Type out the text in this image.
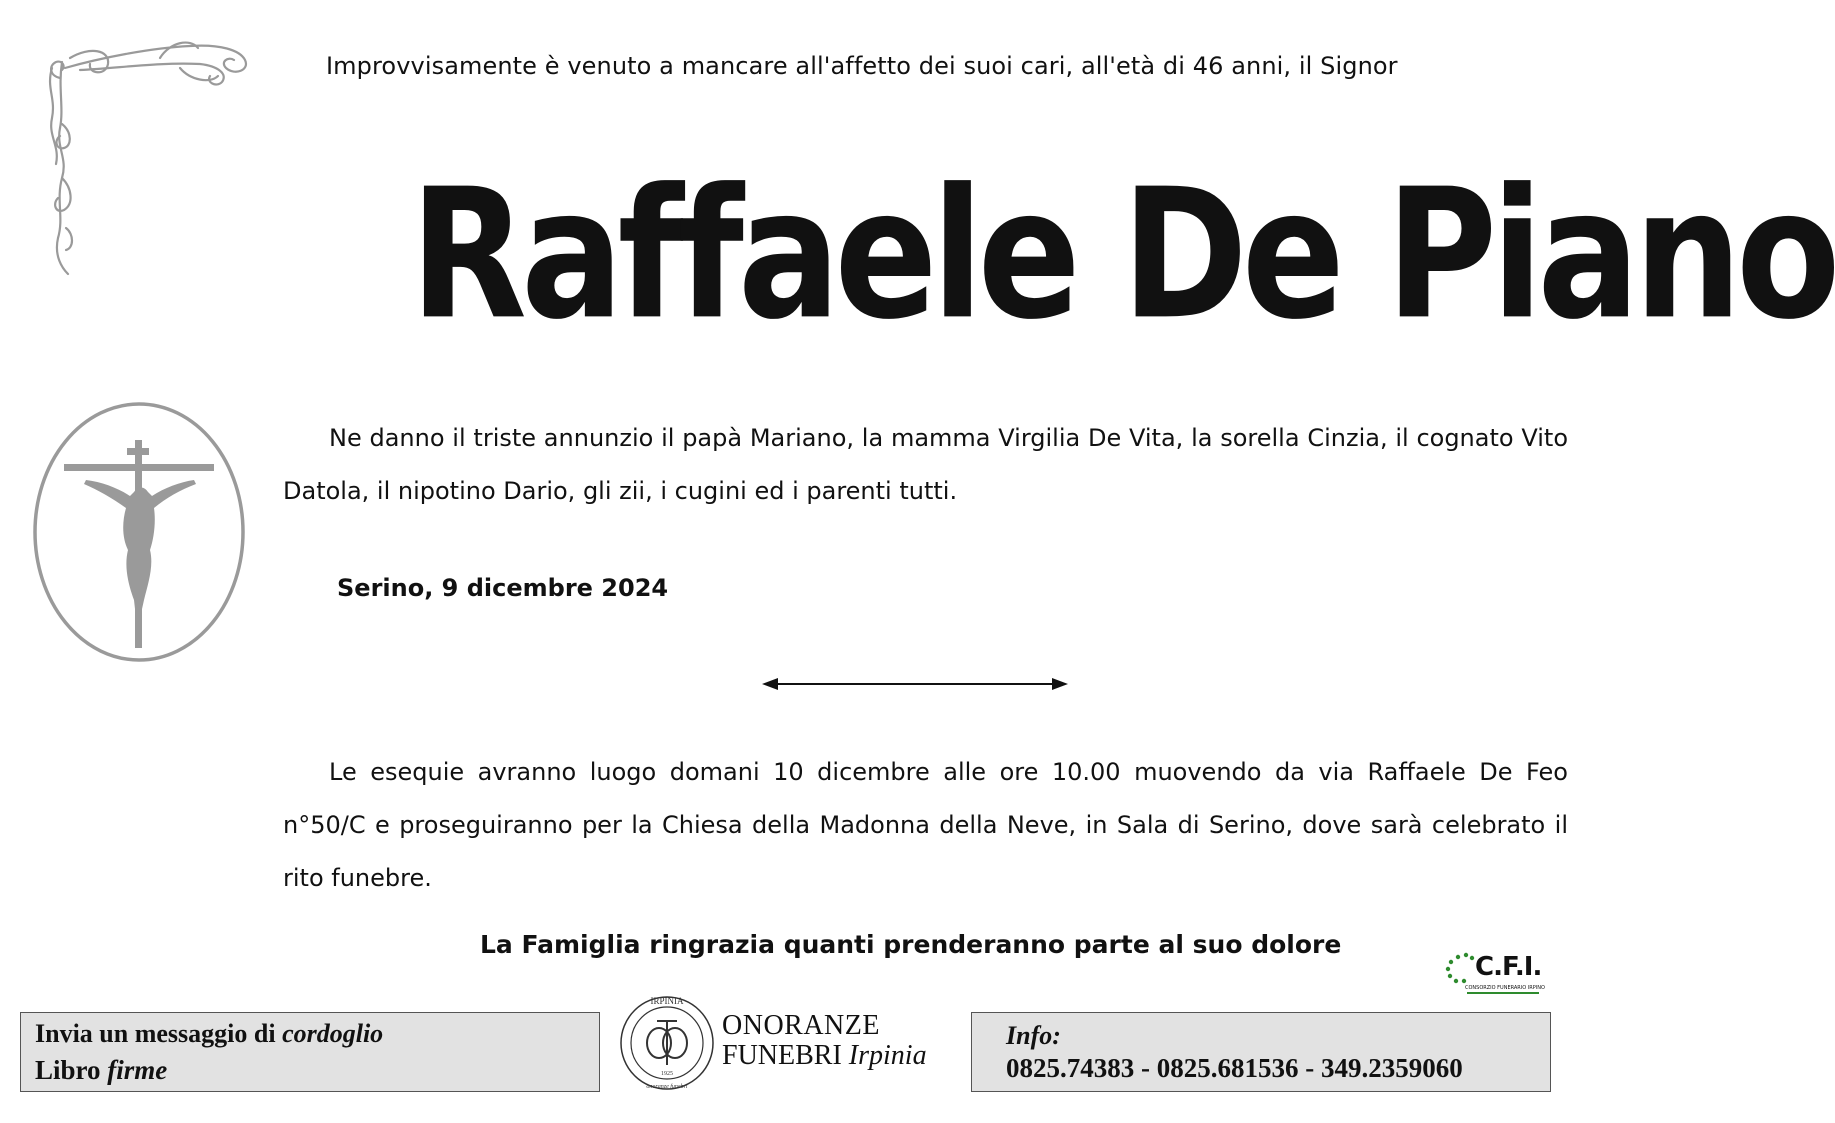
Improvvisamente è venuto a mancare all'affetto dei suoi cari, all'età di 46 anni, il Signor
Raffaele De Piano
Ne danno il triste annunzio il papà Mariano, la mamma Virgilia De Vita, la sorella Cinzia, il cognato Vito Datola, il nipotino Dario, gli zii, i cugini ed i parenti tutti.
Serino, 9 dicembre 2024
Le esequie avranno luogo domani 10 dicembre alle ore 10.00 muovendo da via Raffaele De Feo n°50/C e proseguiranno per la Chiesa della Madonna della Neve, in Sala di Serino, dove sarà celebrato il rito funebre.
La Famiglia ringrazia quanti prenderanno parte al suo dolore
C.F.I.
CONSORZIO FUNERARIO IRPINO
Invia un messaggio di cordoglio
Libro firme
IRPINIA
1925
onoranze funebri
ONORANZE
FUNEBRI Irpinia
Info:
0825.74383 - 0825.681536 - 349.2359060
